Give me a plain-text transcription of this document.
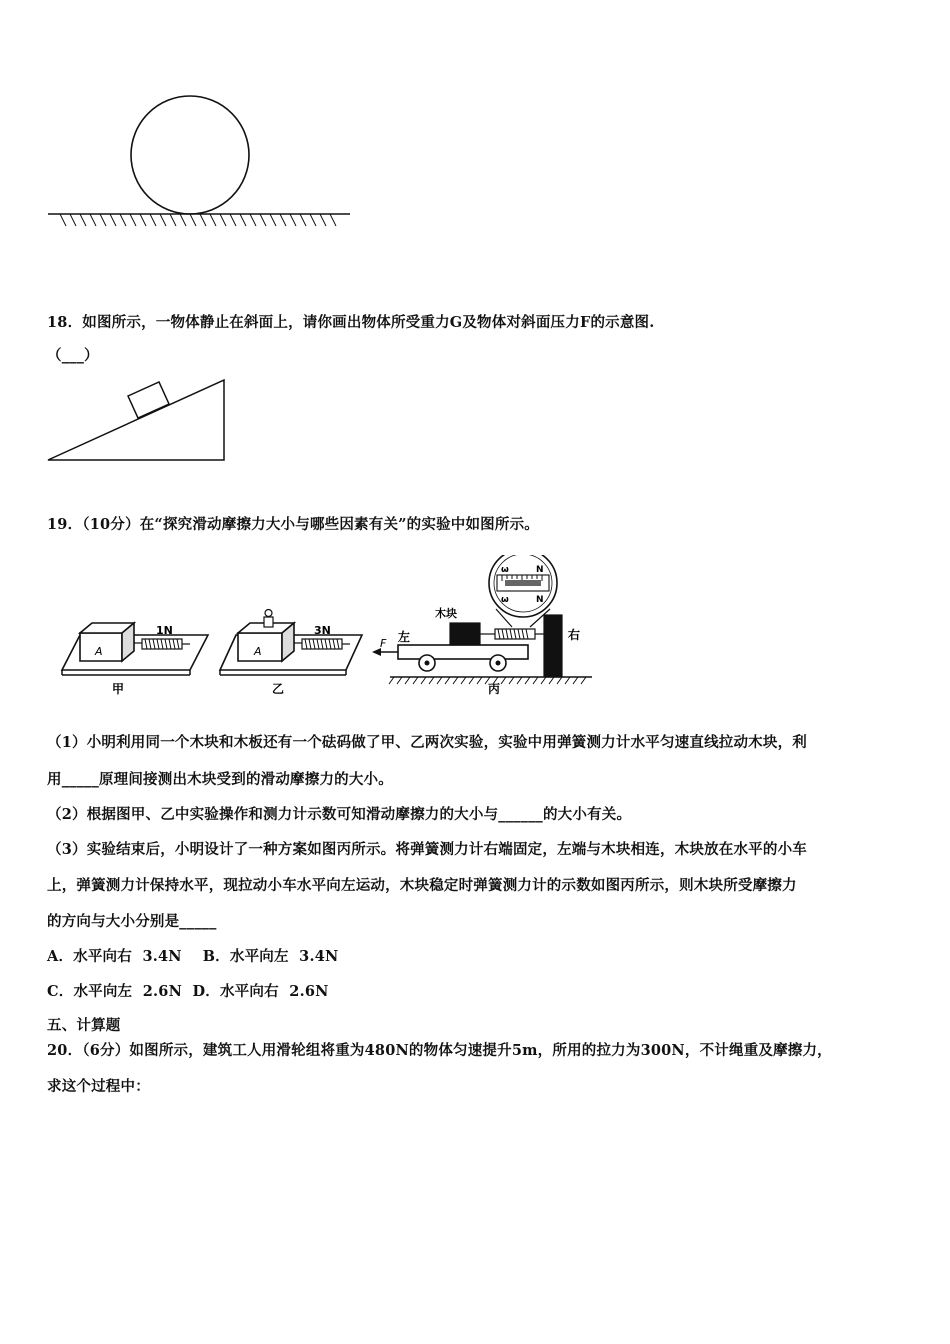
18．如图所示，一物体静止在斜面上，请你画出物体所受重力G及物体对斜面压力F的示意图.
（___）
19．（10分）在“探究滑动摩擦力大小与哪些因素有关”的实验中如图所示。
A
1N
甲
A
3N
乙
F 左
木块
右
ω	N
ω	N
丙
（1）小明利用同一个木块和木板还有一个砝码做了甲、乙两次实验，实验中用弹簧测力计水平匀速直线拉动木块，利
用_____原理间接测出木块受到的滑动摩擦力的大小。
（2）根据图甲、乙中实验操作和测力计示数可知滑动摩擦力的大小与______的大小有关。
（3）实验结束后，小明设计了一种方案如图丙所示。将弹簧测力计右端固定，左端与木块相连，木块放在水平的小车
上，弹簧测力计保持水平，现拉动小车水平向左运动，木块稳定时弹簧测力计的示数如图丙所示，则木块所受摩擦力
的方向与大小分别是_____
A．水平向右  3.4N    B．水平向左  3.4N
C．水平向左  2.6N  D．水平向右  2.6N
五、计算题
20．（6分）如图所示，建筑工人用滑轮组将重为480N的物体匀速提升5m，所用的拉力为300N，不计绳重及摩擦力，
求这个过程中：
